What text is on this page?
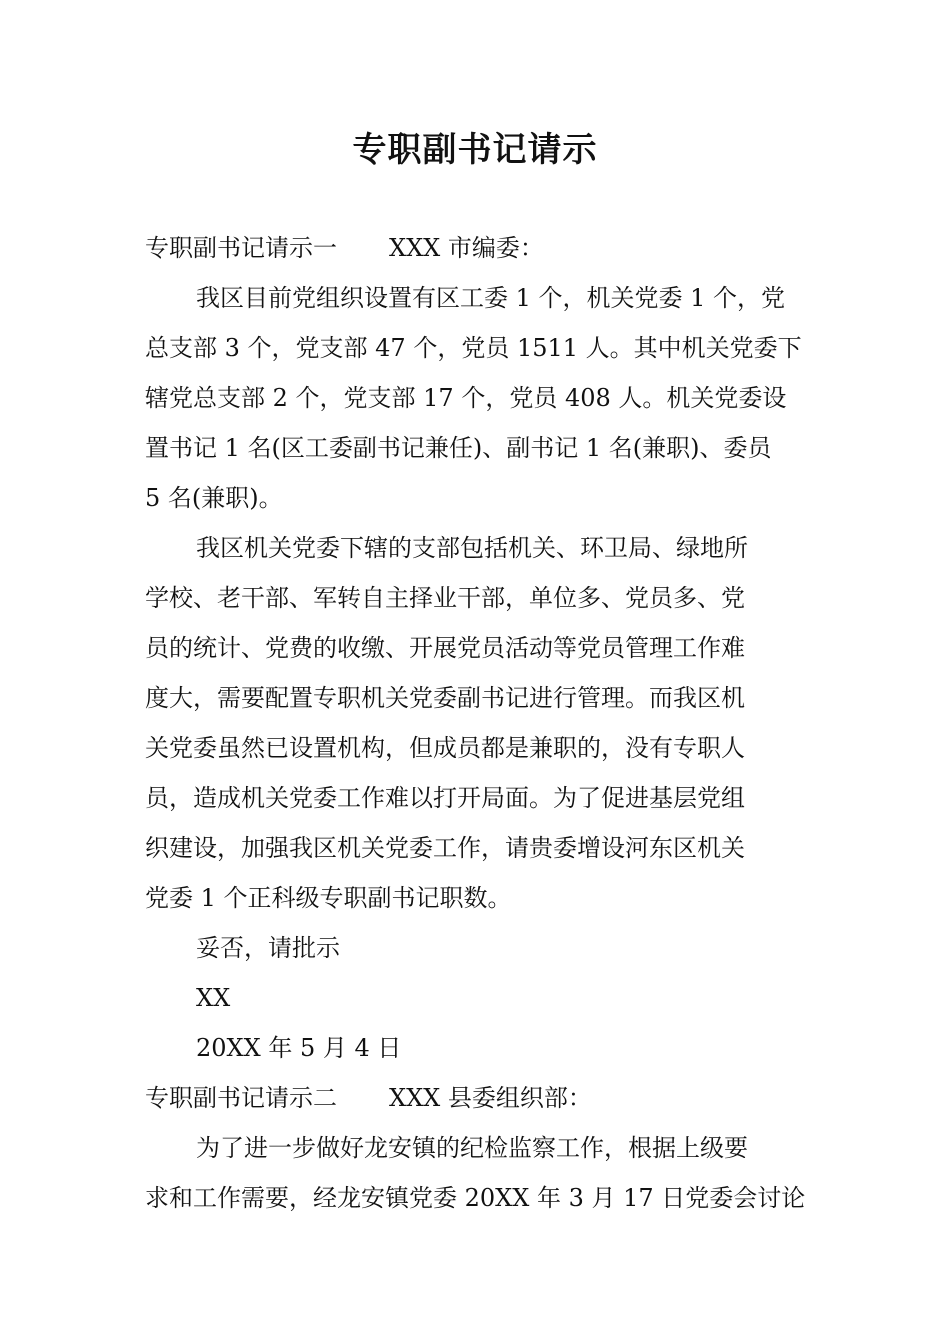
专职副书记请示
专职副书记请示一 XXX 市编委：
我区目前党组织设置有区工委 1 个，机关党委 1 个，党
总支部 3 个，党支部 47 个，党员 1511 人。其中机关党委下
辖党总支部 2 个，党支部 17 个，党员 408 人。机关党委设
置书记 1 名(区工委副书记兼任)、副书记 1 名(兼职)、委员
5 名(兼职)。
我区机关党委下辖的支部包括机关、环卫局、绿地所
学校、老干部、军转自主择业干部，单位多、党员多、党
员的统计、党费的收缴、开展党员活动等党员管理工作难
度大，需要配置专职机关党委副书记进行管理。而我区机
关党委虽然已设置机构，但成员都是兼职的，没有专职人
员，造成机关党委工作难以打开局面。为了促进基层党组
织建设，加强我区机关党委工作，请贵委增设河东区机关
党委 1 个正科级专职副书记职数。
妥否，请批示
XX
20XX 年 5 月 4 日
专职副书记请示二 XXX 县委组织部：
为了进一步做好龙安镇的纪检监察工作，根据上级要
求和工作需要，经龙安镇党委 20XX 年 3 月 17 日党委会讨论
